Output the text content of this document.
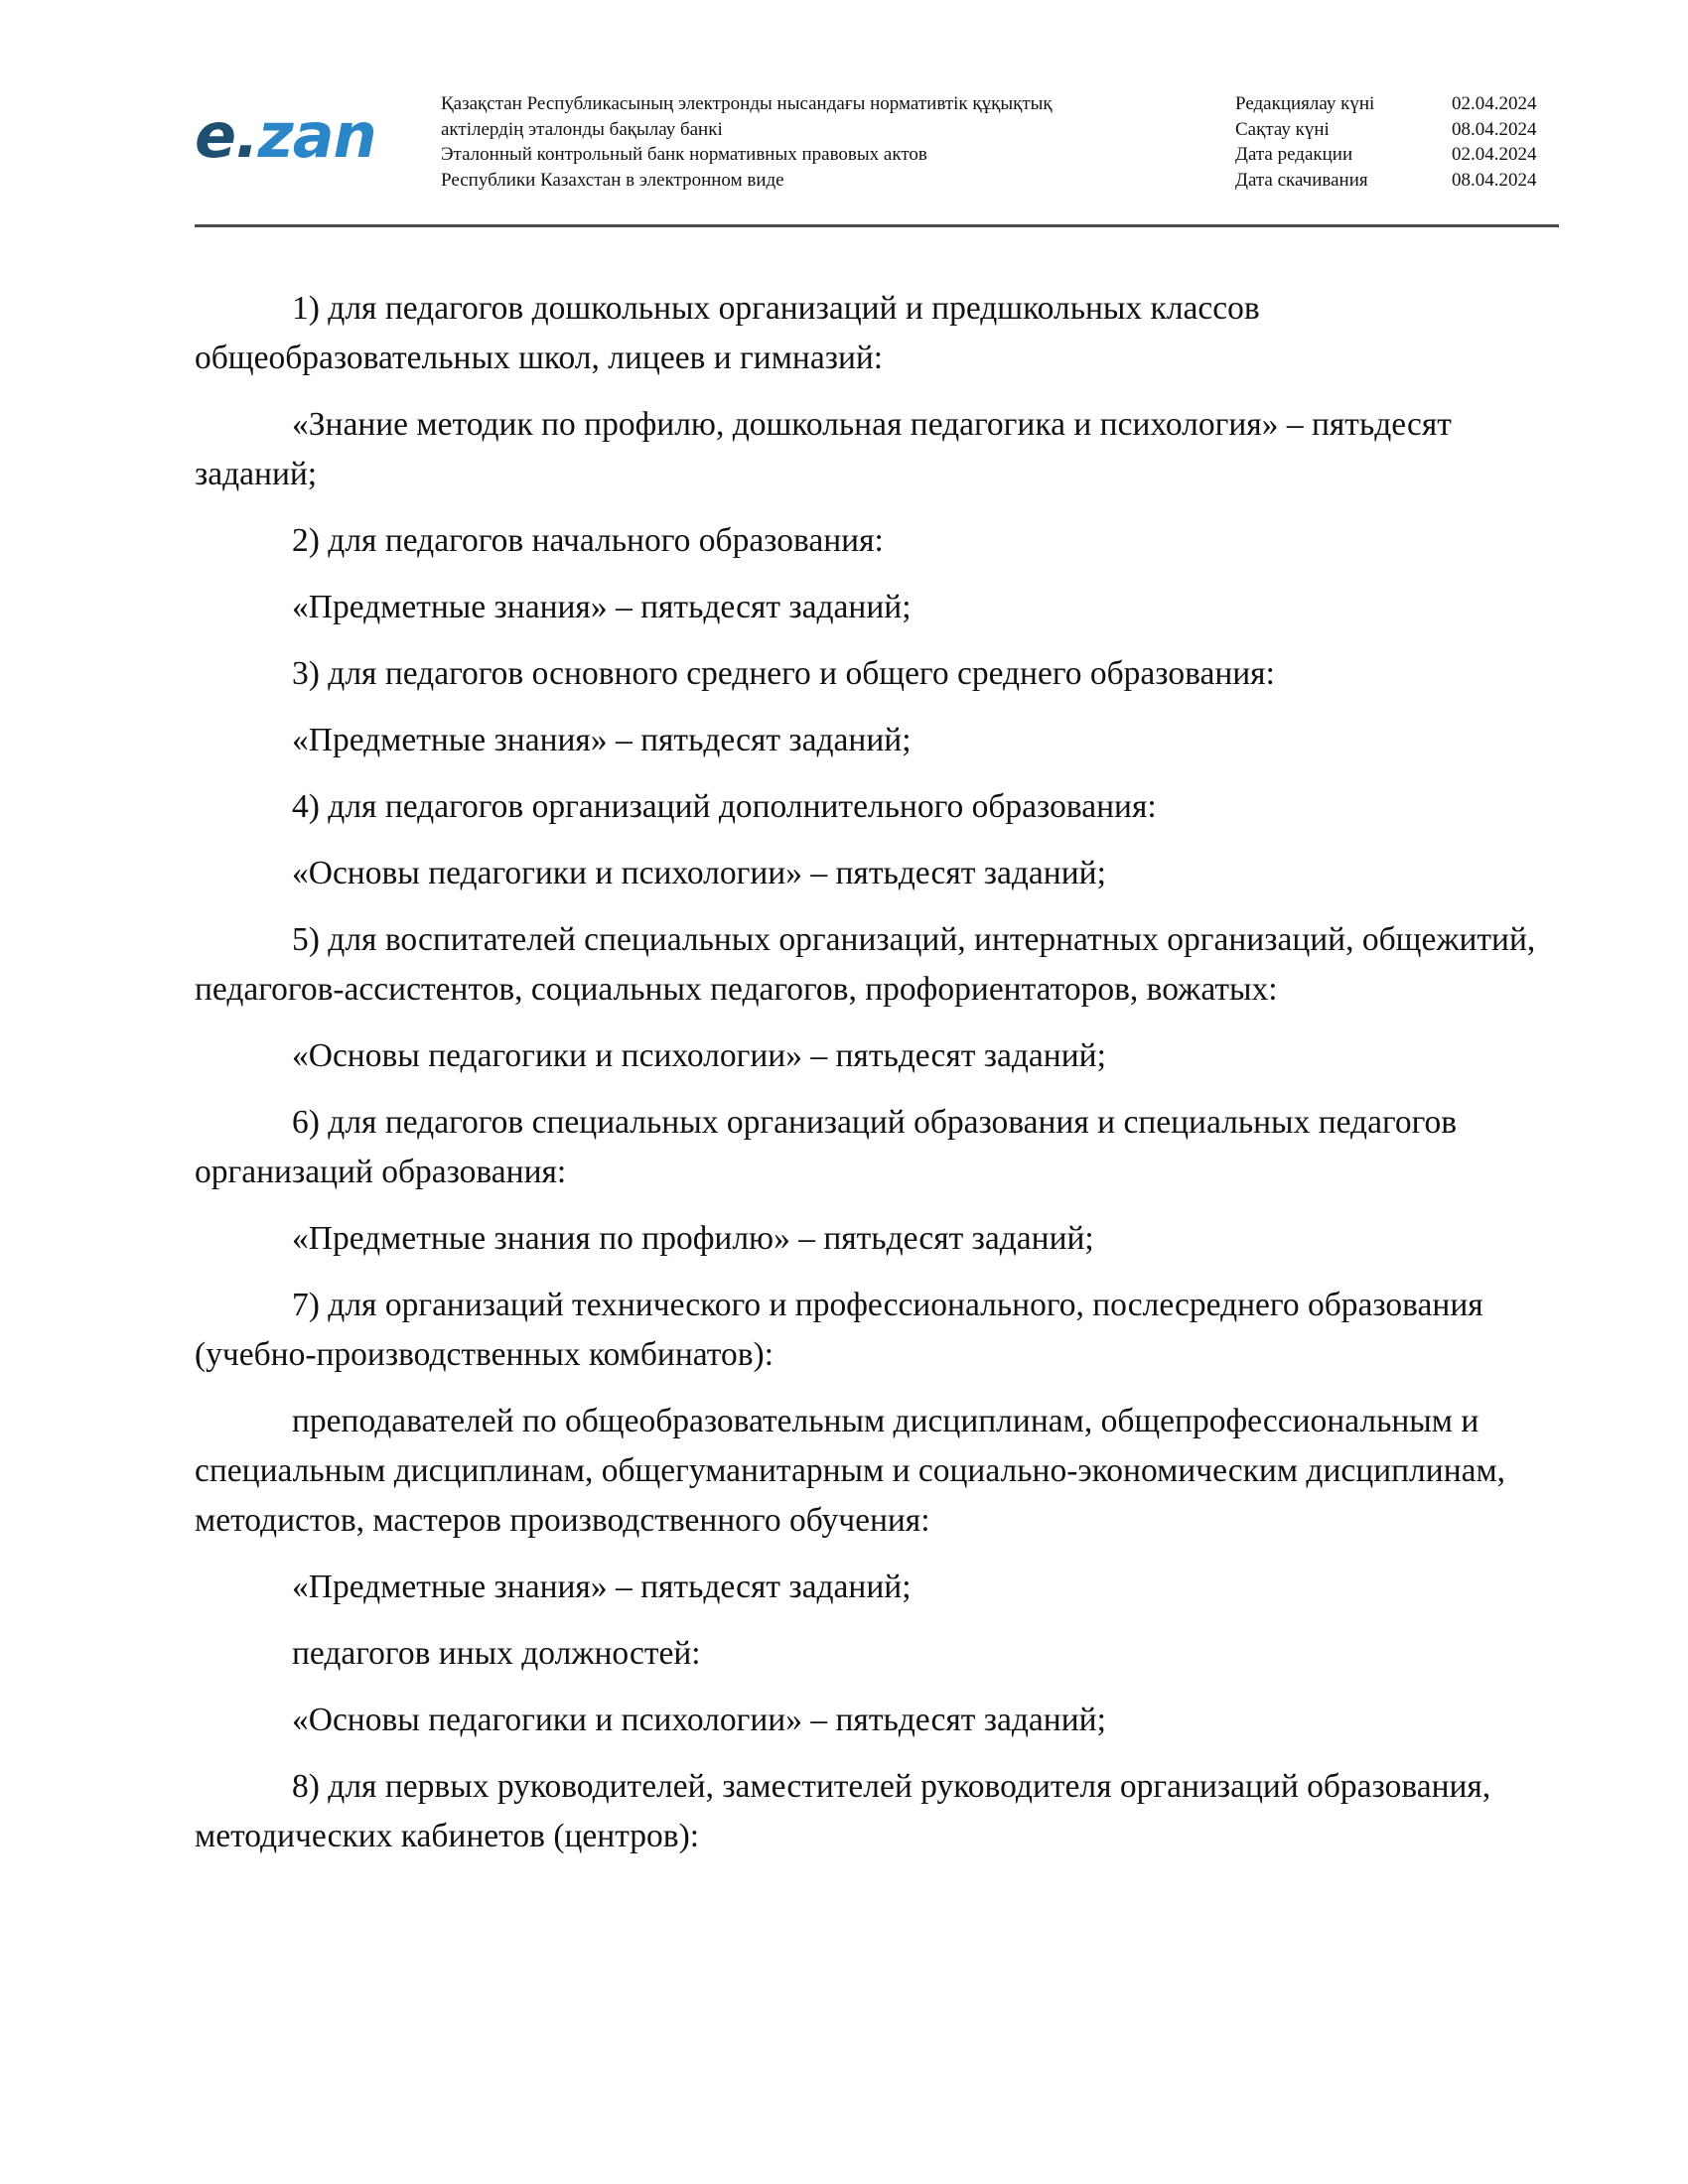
e.zan	Қазақстан Республикасының электронды нысандағы нормативтік құқықтық
актілердің эталонды бақылау банкі
Эталонный контрольный банк нормативных правовых актов
Республики Казахстан в электронном виде
Редакциялау күні	02.04.2024
Сақтау күні	08.04.2024
Дата редакции	02.04.2024
Дата скачивания	08.04.2024

1) для педагогов дошкольных организаций и предшкольных классов общеобразовательных школ, лицеев и гимназий:

«Знание методик по профилю, дошкольная педагогика и психология» – пятьдесят заданий;

2) для педагогов начального образования:

«Предметные знания» – пятьдесят заданий;

3) для педагогов основного среднего и общего среднего образования:

«Предметные знания» – пятьдесят заданий;

4) для педагогов организаций дополнительного образования:

«Основы педагогики и психологии» – пятьдесят заданий;

5) для воспитателей специальных организаций, интернатных организаций, общежитий, педагогов-ассистентов, социальных педагогов, профориентаторов, вожатых:

«Основы педагогики и психологии» – пятьдесят заданий;

6) для педагогов специальных организаций образования и специальных педагогов организаций образования:

«Предметные знания по профилю» – пятьдесят заданий;

7) для организаций технического и профессионального, послесреднего образования (учебно-производственных комбинатов):

преподавателей по общеобразовательным дисциплинам, общепрофессиональным и специальным дисциплинам, общегуманитарным и социально-экономическим дисциплинам, методистов, мастеров производственного обучения:

«Предметные знания» – пятьдесят заданий;

педагогов иных должностей:

«Основы педагогики и психологии» – пятьдесят заданий;

8) для первых руководителей, заместителей руководителя организаций образования, методических кабинетов (центров):
